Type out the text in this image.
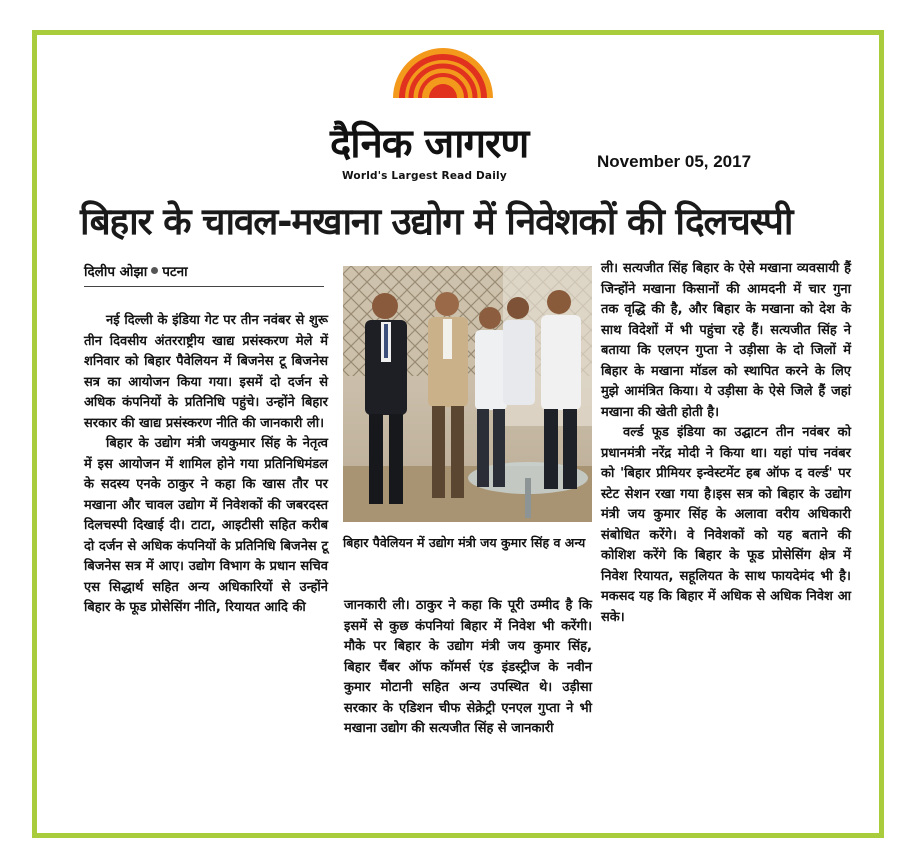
दैनिक जागरण
World's Largest Read Daily
November 05, 2017
बिहार के चावल-मखाना उद्योग में निवेशकों की दिलचस्पी
दिलीप ओझा पटना

नई दिल्ली के इंडिया गेट पर तीन नवंबर से शुरू तीन दिवसीय अंतरराष्ट्रीय खाद्य प्रसंस्करण मेले में शनिवार को बिहार पैवेलियन में बिजनेस टू बिजनेस सत्र का आयोजन किया गया। इसमें दो दर्जन से अधिक कंपनियों के प्रतिनिधि पहुंचे। उन्होंने बिहार सरकार की खाद्य प्रसंस्करण नीति की जानकारी ली।

बिहार के उद्योग मंत्री जयकुमार सिंह के नेतृत्व में इस आयोजन में शामिल होने गया प्रतिनिधिमंडल के सदस्य एनके ठाकुर ने कहा कि खास तौर पर मखाना और चावल उद्योग में निवेशकों की जबरदस्त दिलचस्पी दिखाई दी। टाटा, आइटीसी सहित करीब दो दर्जन से अधिक कंपनियों के प्रतिनिधि बिजनेस टू बिजनेस सत्र में आए। उद्योग विभाग के प्रधान सचिव एस सिद्धार्थ सहित अन्य अधिकारियों से उन्होंने बिहार के फूड प्रोसेसिंग नीति, रियायत आदि की

बिहार पैवेलियन में उद्योग मंत्री जय कुमार सिंह व अन्य

जानकारी ली। ठाकुर ने कहा कि पूरी उम्मीद है कि इसमें से कुछ कंपनियां बिहार में निवेश भी करेंगी। मौके पर बिहार के उद्योग मंत्री जय कुमार सिंह, बिहार चैंबर ऑफ कॉमर्स एंड इंडस्ट्रीज के नवीन कुमार मोटानी सहित अन्य उपस्थित थे। उड़ीसा सरकार के एडिशन चीफ सेक्रेट्री एनएल गुप्ता ने भी मखाना उद्योग की सत्यजीत सिंह से जानकारी

ली। सत्यजीत सिंह बिहार के ऐसे मखाना व्यवसायी हैं जिन्होंने मखाना किसानों की आमदनी में चार गुना तक वृद्धि की है, और बिहार के मखाना को देश के साथ विदेशों में भी पहुंचा रहे हैं। सत्यजीत सिंह ने बताया कि एलएन गुप्ता ने उड़ीसा के दो जिलों में बिहार के मखाना मॉडल को स्थापित करने के लिए मुझे आमंत्रित किया। ये उड़ीसा के ऐसे जिले हैं जहां मखाना की खेती होती है।

वर्ल्ड फूड इंडिया का उद्घाटन तीन नवंबर को प्रधानमंत्री नरेंद्र मोदी ने किया था। यहां पांच नवंबर को 'बिहार प्रीमियर इन्वेस्टमेंट हब ऑफ द वर्ल्ड' पर स्टेट सेशन रखा गया है।इस सत्र को बिहार के उद्योग मंत्री जय कुमार सिंह के अलावा वरीय अधिकारी संबोधित करेंगे। वे निवेशकों को यह बताने की कोशिश करेंगे कि बिहार के फूड प्रोसेसिंग क्षेत्र में निवेश रियायत, सहूलियत के साथ फायदेमंद भी है। मकसद यह कि बिहार में अधिक से अधिक निवेश आ सके।
